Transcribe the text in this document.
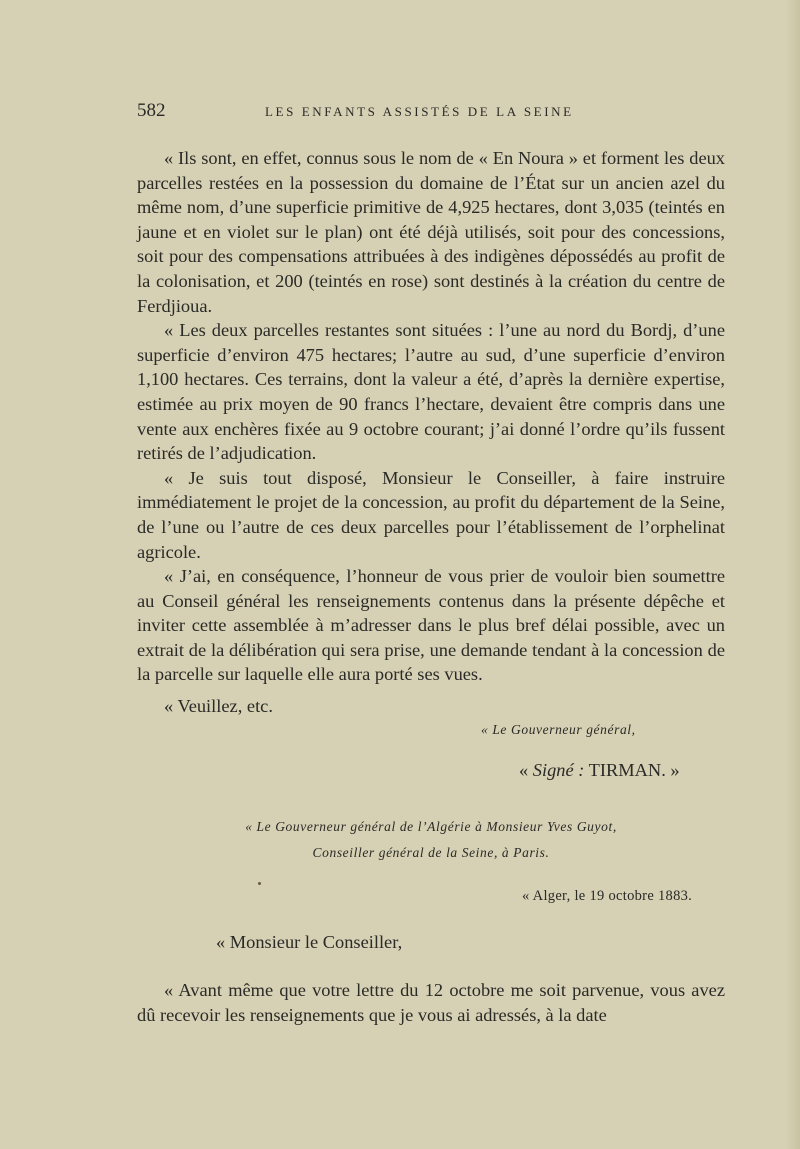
582	LES ENFANTS ASSISTÉS DE LA SEINE

« Ils sont, en effet, connus sous le nom de « En Noura » et forment les deux parcelles restées en la possession du domaine de l’État sur un ancien azel du même nom, d’une superficie primitive de 4,925 hectares, dont 3,035 (teintés en jaune et en violet sur le plan) ont été déjà utilisés, soit pour des concessions, soit pour des compensations attribuées à des indigènes dépossédés au profit de la colonisation, et 200 (teintés en rose) sont destinés à la création du centre de Ferdjioua.

« Les deux parcelles restantes sont situées : l’une au nord du Bordj, d’une superficie d’environ 475 hectares; l’autre au sud, d’une superficie d’environ 1,100 hectares. Ces terrains, dont la valeur a été, d’après la dernière expertise, estimée au prix moyen de 90 francs l’hectare, devaient être compris dans une vente aux enchères fixée au 9 octobre courant; j’ai donné l’ordre qu’ils fussent retirés de l’adjudication.

« Je suis tout disposé, Monsieur le Conseiller, à faire instruire immédiatement le projet de la concession, au profit du département de la Seine, de l’une ou l’autre de ces deux parcelles pour l’établissement de l’orphelinat agricole.

« J’ai, en conséquence, l’honneur de vous prier de vouloir bien soumettre au Conseil général les renseignements contenus dans la présente dépêche et inviter cette assemblée à m’adresser dans le plus bref délai possible, avec un extrait de la délibération qui sera prise, une demande tendant à la concession de la parcelle sur laquelle elle aura porté ses vues.

« Veuillez, etc.
« Le Gouverneur général,
« Signé : TIRMAN. »
« Le Gouverneur général de l’Algérie à Monsieur Yves Guyot,
Conseiller général de la Seine, à Paris.
« Alger, le 19 octobre 1883.
« Monsieur le Conseiller,

« Avant même que votre lettre du 12 octobre me soit parvenue, vous avez dû recevoir les renseignements que je vous ai adressés, à la date
